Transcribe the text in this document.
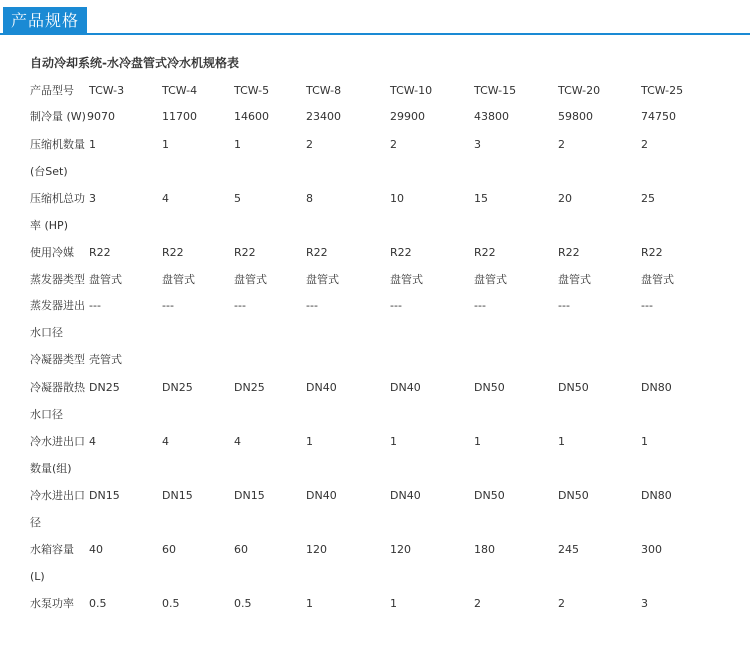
产品规格
自动冷却系统-水冷盘管式冷水机规格表
产品型号 TCW-3	TCW-4	TCW-5	TCW-8	TCW-10	TCW-15	TCW-20	TCW-25
制冷量 (W) 9070	11700	14600	23400	29900	43800	59800	74750
压缩机数量 1	1	1	2	2	3	2	2
(台Set)
压缩机总功 3	4	5	8	10	15	20	25
率 (HP)
使用冷媒 R22	R22	R22	R22	R22	R22	R22	R22
蒸发器类型 盘管式	盘管式	盘管式	盘管式	盘管式	盘管式	盘管式	盘管式
蒸发器进出 ---	---	---	---	---	---	---	---
水口径
冷凝器类型 壳管式
冷凝器散热 DN25	DN25	DN25	DN40	DN40	DN50	DN50	DN80
水口径
冷水进出口 4	4	4	1	1	1	1	1
数量(组)
冷水进出口 DN15	DN15	DN15	DN40	DN40	DN50	DN50	DN80
径
水箱容量 40	60	60	120	120	180	245	300
(L)
水泵功率 0.5	0.5	0.5	1	1	2	2	3
